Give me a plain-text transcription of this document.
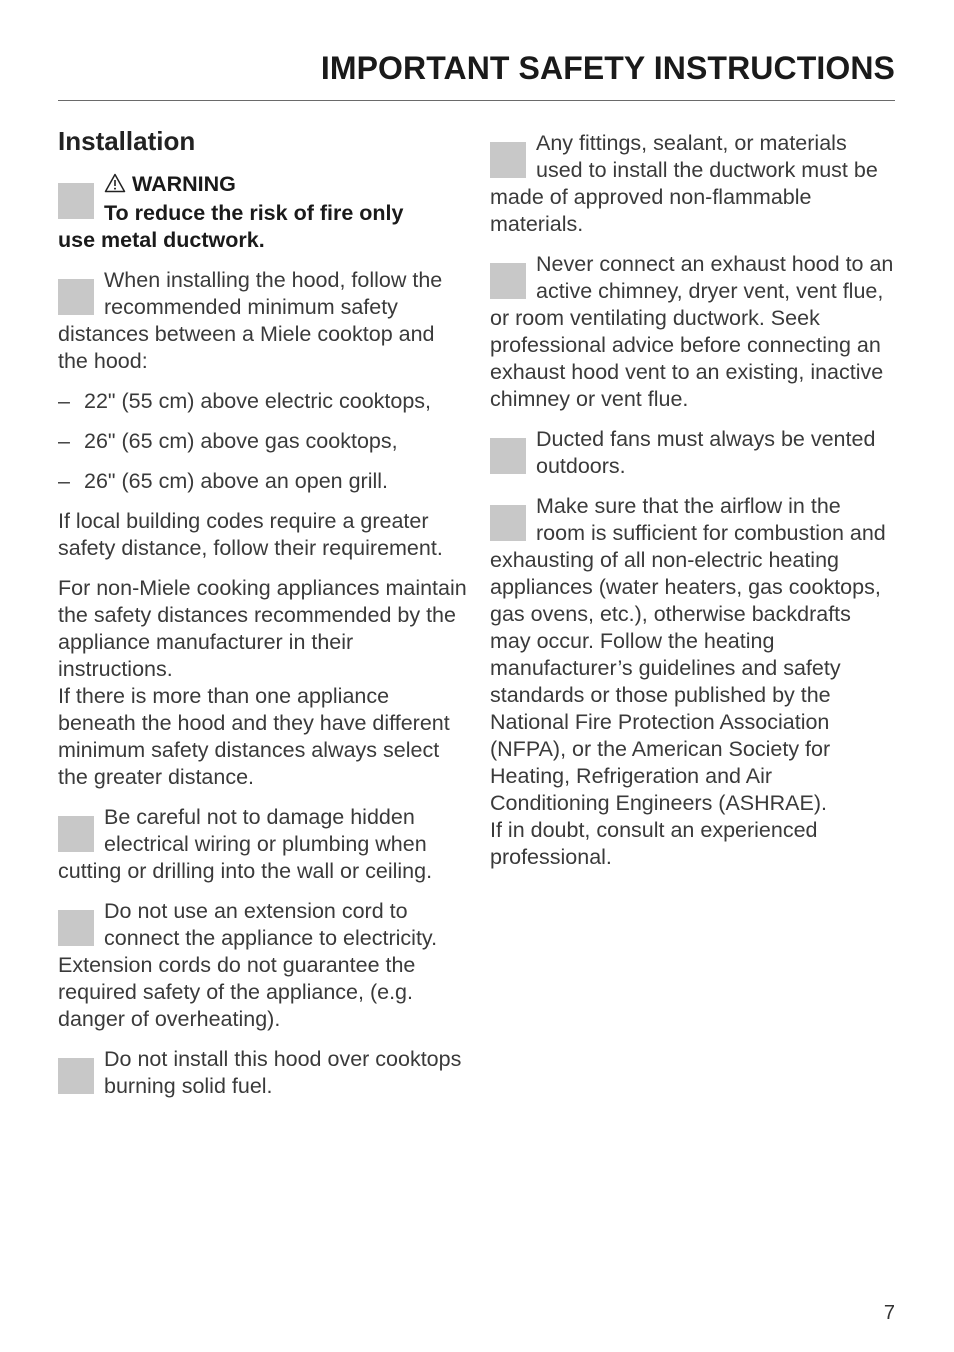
IMPORTANT SAFETY INSTRUCTIONS
Installation
WARNING
To reduce the risk of fire only
use metal ductwork.

When installing the hood, follow the recommended minimum safety distances between a Miele cooktop and the hood:

– 22" (55 cm) above electric cooktops,
– 26" (65 cm) above gas cooktops,
– 26" (65 cm) above an open grill.

If local building codes require a greater safety distance, follow their requirement.

For non-Miele cooking appliances maintain the safety distances recommended by the appliance manufacturer in their instructions.
If there is more than one appliance beneath the hood and they have different minimum safety distances always select the greater distance.

Be careful not to damage hidden electrical wiring or plumbing when cutting or drilling into the wall or ceiling.

Do not use an extension cord to connect the appliance to electricity. Extension cords do not guarantee the required safety of the appliance, (e.g. danger of overheating).

Do not install this hood over cooktops burning solid fuel.

Any fittings, sealant, or materials used to install the ductwork must be made of approved non-flammable materials.

Never connect an exhaust hood to an active chimney, dryer vent, vent flue, or room ventilating ductwork. Seek professional advice before connecting an exhaust hood vent to an existing, inactive chimney or vent flue.

Ducted fans must always be vented outdoors.

Make sure that the airflow in the room is sufficient for combustion and exhausting of all non-electric heating appliances (water heaters, gas cooktops, gas ovens, etc.), otherwise backdrafts may occur. Follow the heating manufacturer’s guidelines and safety standards or those published by the National Fire Protection Association (NFPA), or the American Society for Heating, Refrigeration and Air Conditioning Engineers (ASHRAE).
If in doubt, consult an experienced professional.

7
